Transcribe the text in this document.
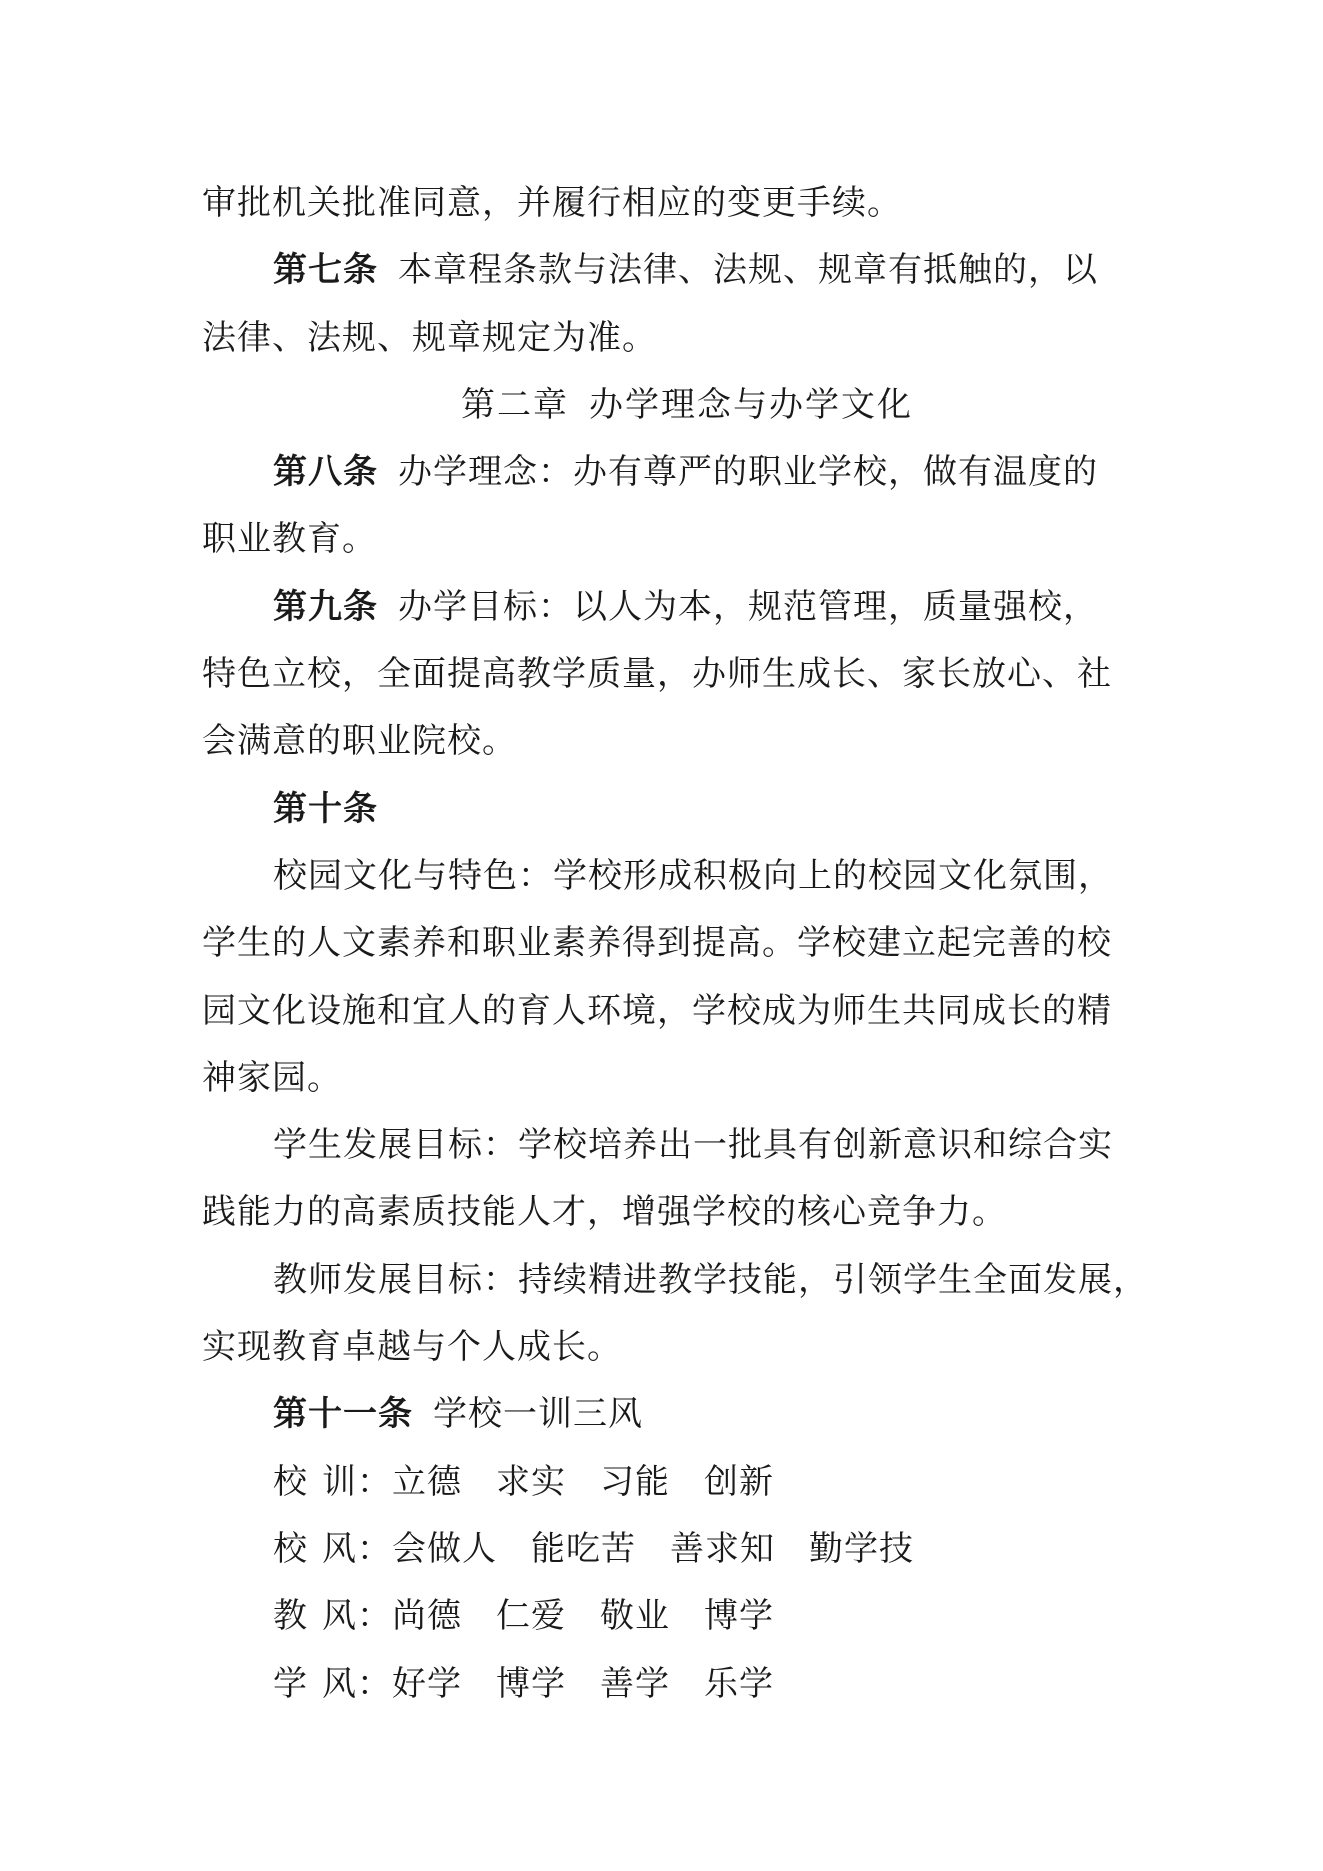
审批机关批准同意，并履行相应的变更手续。
第七条 本章程条款与法律、法规、规章有抵触的，以
法律、法规、规章规定为准。
第二章 办学理念与办学文化
第八条 办学理念：办有尊严的职业学校，做有温度的
职业教育。
第九条 办学目标：以人为本，规范管理，质量强校，
特色立校，全面提高教学质量，办师生成长、家长放心、社
会满意的职业院校。
第十条
校园文化与特色：学校形成积极向上的校园文化氛围，
学生的人文素养和职业素养得到提高。学校建立起完善的校
园文化设施和宜人的育人环境，学校成为师生共同成长的精
神家园。
学生发展目标：学校培养出一批具有创新意识和综合实
践能力的高素质技能人才，增强学校的核心竞争力。
教师发展目标：持续精进教学技能，引领学生全面发展，
实现教育卓越与个人成长。
第十一条 学校一训三风
校 训：立德 求实 习能 创新
校 风：会做人 能吃苦 善求知 勤学技
教 风：尚德 仁爱 敬业 博学
学 风：好学 博学 善学 乐学
